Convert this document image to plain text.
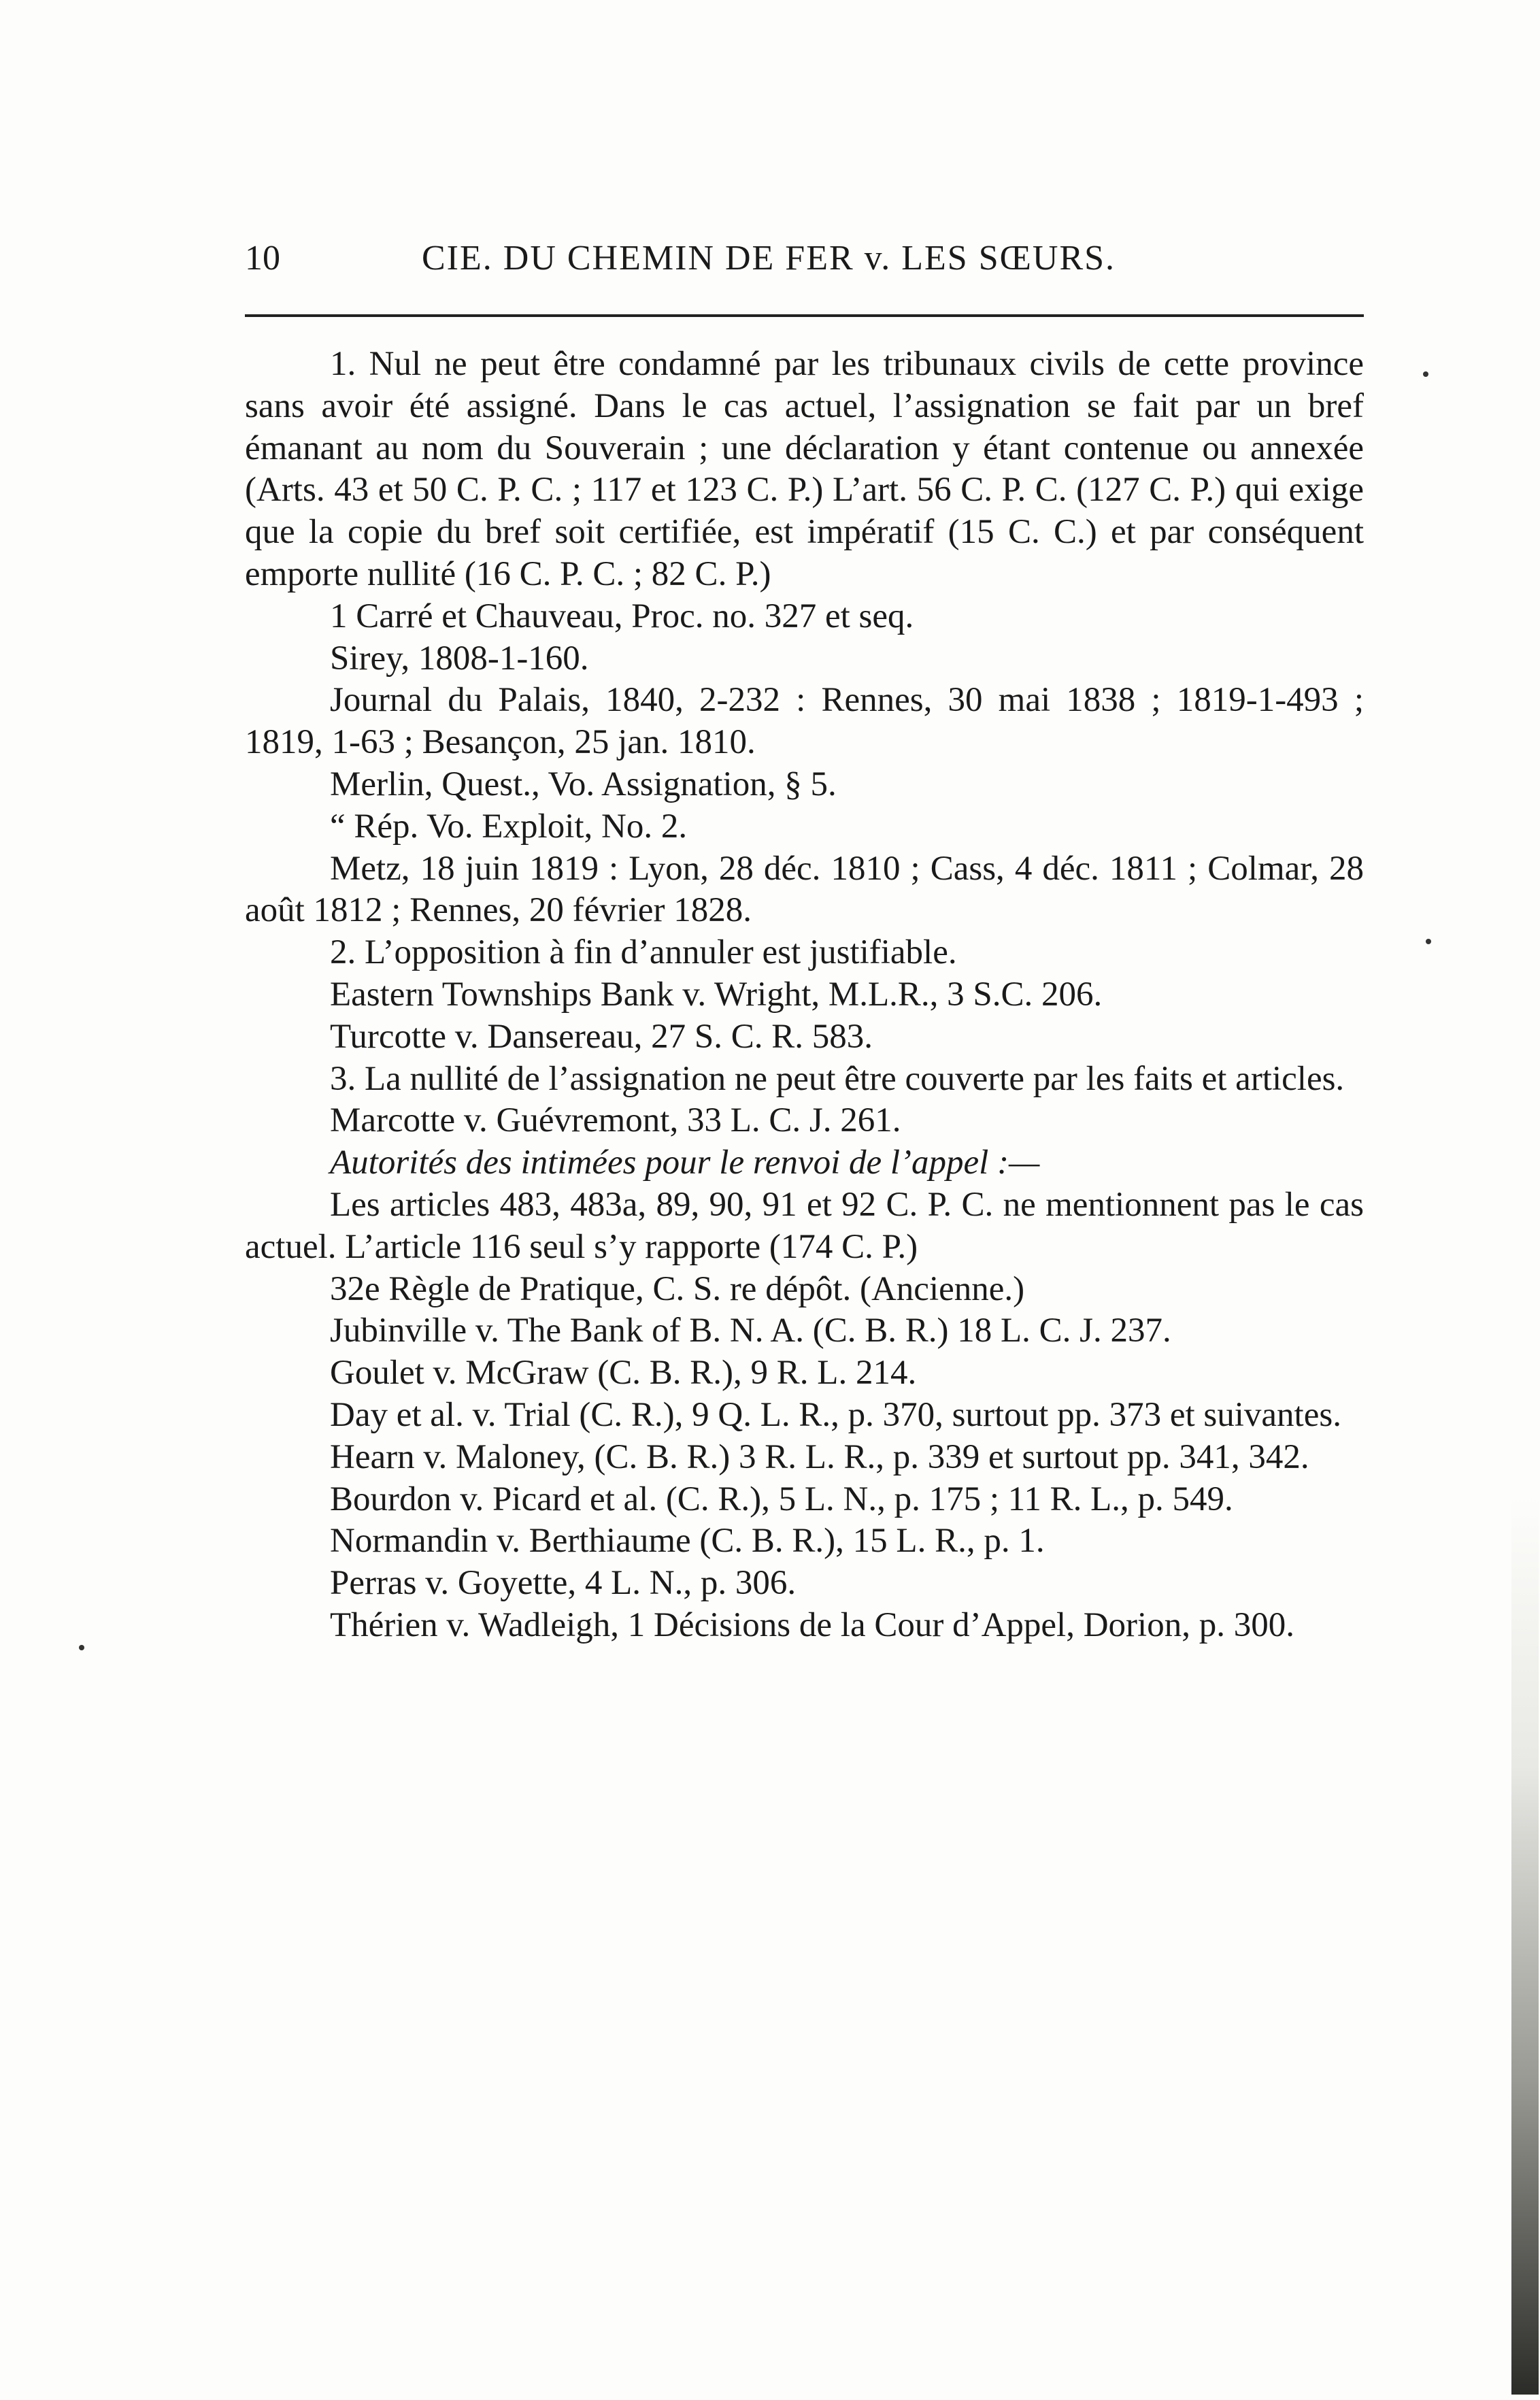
10	CIE. DU CHEMIN DE FER v. LES SŒURS.

1. Nul ne peut être condamné par les tribunaux civils de cette province sans avoir été assigné. Dans le cas actuel, l’assignation se fait par un bref émanant au nom du Souverain ; une déclaration y étant contenue ou annexée (Arts. 43 et 50 C. P. C. ; 117 et 123 C. P.) L’art. 56 C. P. C. (127 C. P.) qui exige que la copie du bref soit certifiée, est impératif (15 C. C.) et par conséquent emporte nullité (16 C. P. C. ; 82 C. P.)

1 Carré et Chauveau, Proc. no. 327 et seq.

Sirey, 1808-1-160.

Journal du Palais, 1840, 2-232 : Rennes, 30 mai 1838 ; 1819-1-493 ; 1819, 1-63 ; Besançon, 25 jan. 1810.

Merlin, Quest., Vo. Assignation, § 5.

“ Rép. Vo. Exploit, No. 2.

Metz, 18 juin 1819 : Lyon, 28 déc. 1810 ; Cass, 4 déc. 1811 ; Colmar, 28 août 1812 ; Rennes, 20 février 1828.

2. L’opposition à fin d’annuler est justifiable.

Eastern Townships Bank v. Wright, M.L.R., 3 S.C. 206.

Turcotte v. Dansereau, 27 S. C. R. 583.

3. La nullité de l’assignation ne peut être couverte par les faits et articles.

Marcotte v. Guévremont, 33 L. C. J. 261.

Autorités des intimées pour le renvoi de l’appel :—

Les articles 483, 483a, 89, 90, 91 et 92 C. P. C. ne mentionnent pas le cas actuel. L’article 116 seul s’y rapporte (174 C. P.)

32e Règle de Pratique, C. S. re dépôt. (Ancienne.)

Jubinville v. The Bank of B. N. A. (C. B. R.) 18 L. C. J. 237.

Goulet v. McGraw (C. B. R.), 9 R. L. 214.

Day et al. v. Trial (C. R.), 9 Q. L. R., p. 370, surtout pp. 373 et suivantes.

Hearn v. Maloney, (C. B. R.) 3 R. L. R., p. 339 et surtout pp. 341, 342.

Bourdon v. Picard et al. (C. R.), 5 L. N., p. 175 ; 11 R. L., p. 549.

Normandin v. Berthiaume (C. B. R.), 15 L. R., p. 1.

Perras v. Goyette, 4 L. N., p. 306.

Thérien v. Wadleigh, 1 Décisions de la Cour d’Appel, Dorion, p. 300.
